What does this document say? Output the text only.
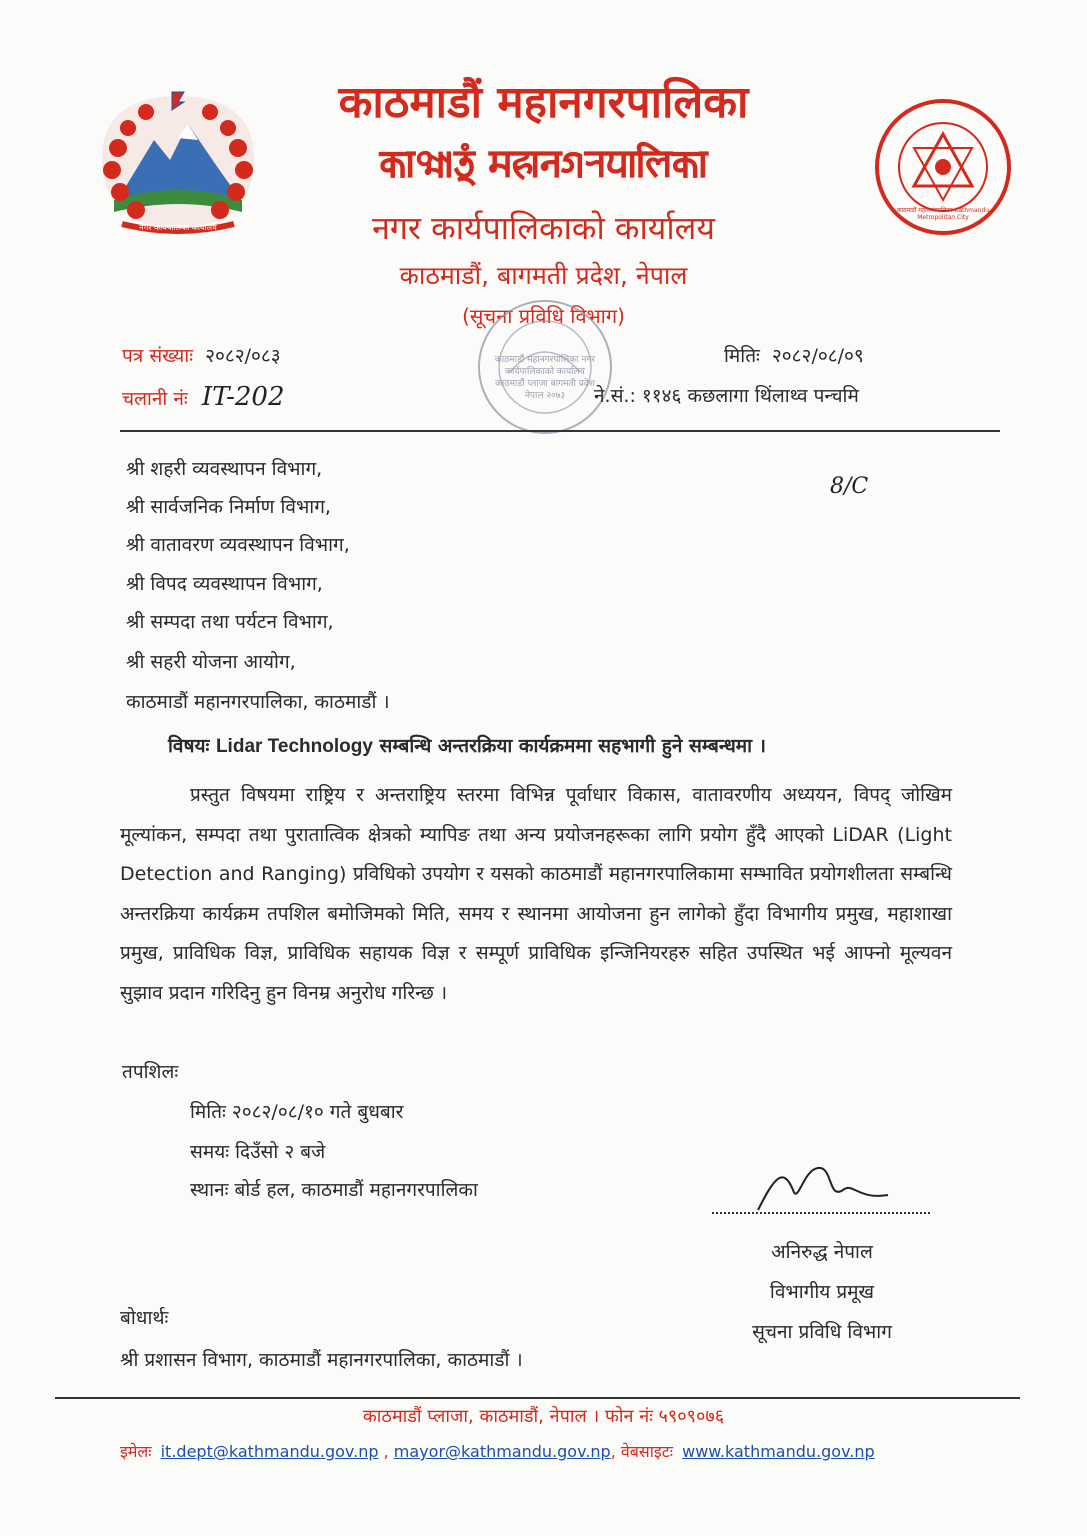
नगर कार्यपालिका कार्यालय
काठमाडौं महानगरपालिका Kathmandu Metropolitan City
काठमाडौं महानगरपालिका
𑐎𑐵𑐛𑑂𑐩𑐵𑐜𑐸𑑄 𑐩𑐴𑐵𑐣𑐐𑐬𑐥𑐵𑐮𑐶𑐎𑐵
नगर कार्यपालिकाको कार्यालय
काठमाडौं, बागमती प्रदेश, नेपाल
(सूचना प्रविधि विभाग)
काठमाडौं महानगरपालिका नगर कार्यपालिकाको कार्यालय काठमाडौं प्लाजा बागमती प्रदेश नेपाल २०७३
पत्र संख्याः २०८२/०८३
चलानी नंः IT-202
मितिः २०८२/०८/०९
ने.सं.: ११४६ कछलागा थिंलाथ्व पन्चमि
8/C
श्री शहरी व्यवस्थापन विभाग,
श्री सार्वजनिक निर्माण विभाग,
श्री वातावरण व्यवस्थापन विभाग,
श्री विपद व्यवस्थापन विभाग,
श्री सम्पदा तथा पर्यटन विभाग,
श्री सहरी योजना आयोग,
काठमाडौं महानगरपालिका, काठमाडौं ।
विषयः Lidar Technology सम्बन्धि अन्तरक्रिया कार्यक्रममा सहभागी हुने सम्बन्धमा ।
प्रस्तुत विषयमा राष्ट्रिय र अन्तराष्ट्रिय स्तरमा विभिन्न पूर्वाधार विकास, वातावरणीय अध्ययन, विपद् जोखिम मूल्यांकन, सम्पदा तथा पुरातात्विक क्षेत्रको म्यापिङ तथा अन्य प्रयोजनहरूका लागि प्रयोग हुँदै आएको LiDAR (Light Detection and Ranging) प्रविधिको उपयोग र यसको काठमाडौं महानगरपालिकामा सम्भावित प्रयोगशीलता सम्बन्धि अन्तरक्रिया कार्यक्रम तपशिल बमोजिमको मिति, समय र स्थानमा आयोजना हुन लागेको हुँदा विभागीय प्रमुख, महाशाखा प्रमुख, प्राविधिक विज्ञ, प्राविधिक सहायक विज्ञ र सम्पूर्ण प्राविधिक इन्जिनियरहरु सहित उपस्थित भई आफ्नो मूल्यवन सुझाव प्रदान गरिदिनु हुन विनम्र अनुरोध गरिन्छ ।
तपशिलः
मितिः २०८२/०८/१० गते बुधबार
समयः दिउँसो २ बजे
स्थानः बोर्ड हल, काठमाडौं महानगरपालिका
अनिरुद्ध नेपाल
विभागीय प्रमूख
सूचना प्रविधि विभाग
बोधार्थः
श्री प्रशासन विभाग, काठमाडौं महानगरपालिका, काठमाडौं ।
काठमाडौं प्लाजा, काठमाडौं, नेपाल । फोन नंः ५९०९०७६
इमेलः it.dept@kathmandu.gov.np , mayor@kathmandu.gov.np, वेबसाइटः www.kathmandu.gov.np
